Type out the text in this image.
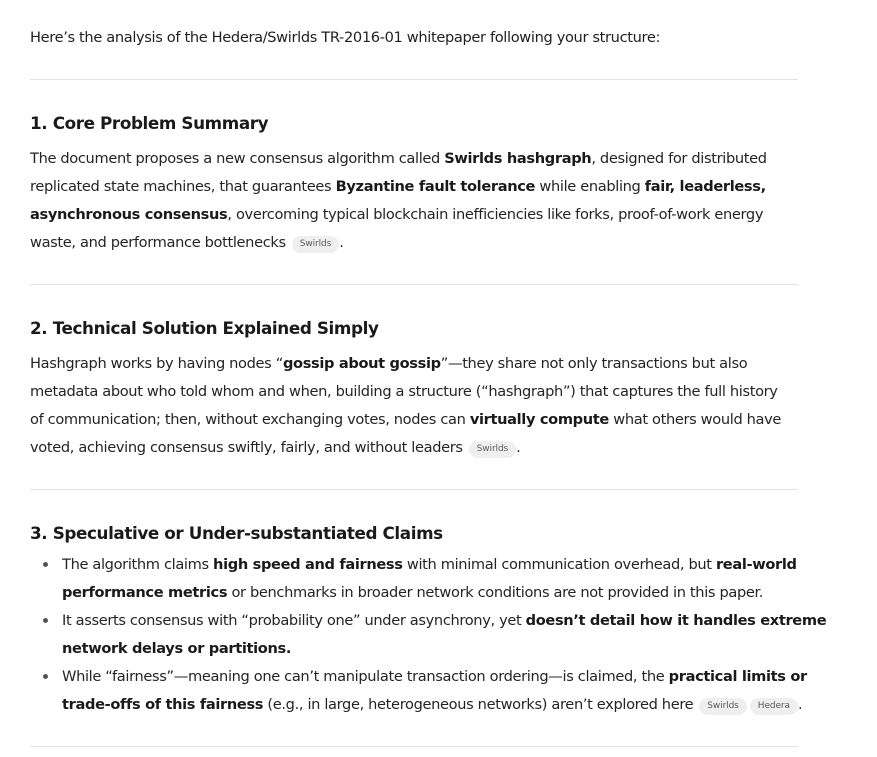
Here’s the analysis of the Hedera/Swirlds TR-2016-01 whitepaper following your structure:
1. Core Problem Summary
The document proposes a new consensus algorithm called Swirlds hashgraph, designed for distributed
replicated state machines, that guarantees Byzantine fault tolerance while enabling fair, leaderless,
asynchronous consensus, overcoming typical blockchain inefficiencies like forks, proof-of-work energy
waste, and performance bottlenecks Swirlds .
2. Technical Solution Explained Simply
Hashgraph works by having nodes “gossip about gossip”—they share not only transactions but also
metadata about who told whom and when, building a structure (“hashgraph”) that captures the full history
of communication; then, without exchanging votes, nodes can virtually compute what others would have
voted, achieving consensus swiftly, fairly, and without leaders Swirlds .
3. Speculative or Under-substantiated Claims
The algorithm claims high speed and fairness with minimal communication overhead, but real-world
performance metrics or benchmarks in broader network conditions are not provided in this paper.
It asserts consensus with “probability one” under asynchrony, yet doesn’t detail how it handles extreme
network delays or partitions.
While “fairness”—meaning one can’t manipulate transaction ordering—is claimed, the practical limits or
trade-offs of this fairness (e.g., in large, heterogeneous networks) aren’t explored here Swirlds Hedera .
